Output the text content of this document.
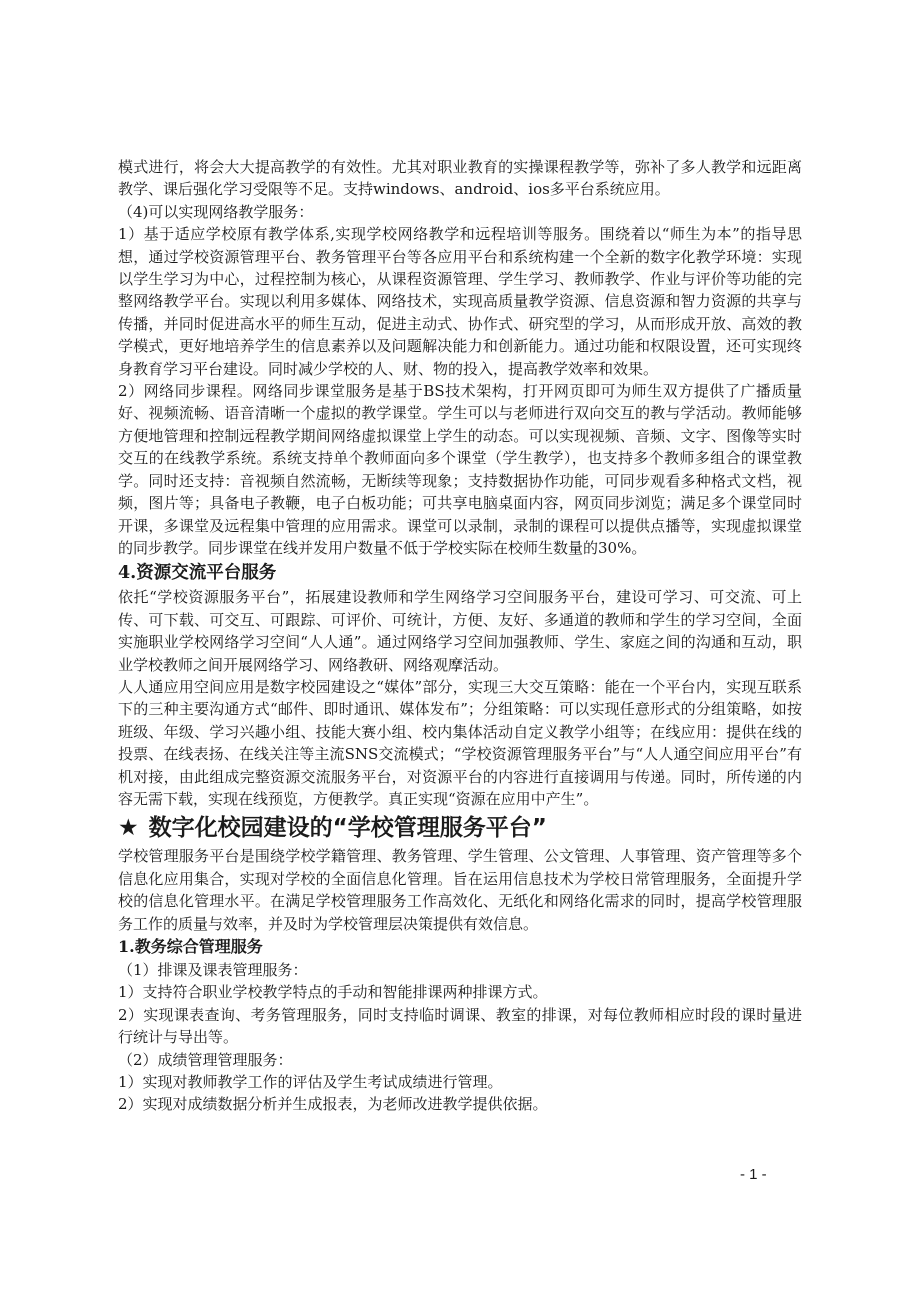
模式进行，将会大大提高教学的有效性。尤其对职业教育的实操课程教学等，弥补了多人教学和远距离教学、课后强化学习受限等不足。支持windows、android、ios多平台系统应用。

（4)可以实现网络教学服务：

1）基于适应学校原有教学体系,实现学校网络教学和远程培训等服务。围绕着以“师生为本”的指导思想，通过学校资源管理平台、教务管理平台等各应用平台和系统构建一个全新的数字化教学环境：实现以学生学习为中心，过程控制为核心，从课程资源管理、学生学习、教师教学、作业与评价等功能的完整网络教学平台。实现以利用多媒体、网络技术，实现高质量教学资源、信息资源和智力资源的共享与传播，并同时促进高水平的师生互动，促进主动式、协作式、研究型的学习，从而形成开放、高效的教学模式，更好地培养学生的信息素养以及问题解决能力和创新能力。通过功能和权限设置，还可实现终身教育学习平台建设。同时减少学校的人、财、物的投入，提高教学效率和效果。

2）网络同步课程。网络同步课堂服务是基于BS技术架构，打开网页即可为师生双方提供了广播质量好、视频流畅、语音清晰一个虚拟的教学课堂。学生可以与老师进行双向交互的教与学活动。教师能够方便地管理和控制远程教学期间网络虚拟课堂上学生的动态。可以实现视频、音频、文字、图像等实时交互的在线教学系统。系统支持单个教师面向多个课堂（学生教学），也支持多个教师多组合的课堂教学。同时还支持：音视频自然流畅，无断续等现象；支持数据协作功能，可同步观看多种格式文档，视频，图片等；具备电子教鞭，电子白板功能；可共享电脑桌面内容，网页同步浏览；满足多个课堂同时开课，多课堂及远程集中管理的应用需求。课堂可以录制，录制的课程可以提供点播等，实现虚拟课堂的同步教学。同步课堂在线并发用户数量不低于学校实际在校师生数量的30%。

4.资源交流平台服务

依托“学校资源服务平台”，拓展建设教师和学生网络学习空间服务平台，建设可学习、可交流、可上传、可下载、可交互、可跟踪、可评价、可统计，方便、友好、多通道的教师和学生的学习空间，全面实施职业学校网络学习空间“人人通”。通过网络学习空间加强教师、学生、家庭之间的沟通和互动，职业学校教师之间开展网络学习、网络教研、网络观摩活动。

人人通应用空间应用是数字校园建设之“媒体”部分，实现三大交互策略：能在一个平台内，实现互联系下的三种主要沟通方式“邮件、即时通讯、媒体发布”；分组策略：可以实现任意形式的分组策略，如按班级、年级、学习兴趣小组、技能大赛小组、校内集体活动自定义教学小组等；在线应用：提供在线的投票、在线表扬、在线关注等主流SNS交流模式；“学校资源管理服务平台”与“人人通空间应用平台”有机对接，由此组成完整资源交流服务平台，对资源平台的内容进行直接调用与传递。同时，所传递的内容无需下载，实现在线预览，方便教学。真正实现“资源在应用中产生”。

★ 数字化校园建设的“学校管理服务平台”

学校管理服务平台是围绕学校学籍管理、教务管理、学生管理、公文管理、人事管理、资产管理等多个信息化应用集合，实现对学校的全面信息化管理。旨在运用信息技术为学校日常管理服务，全面提升学校的信息化管理水平。在满足学校管理服务工作高效化、无纸化和网络化需求的同时，提高学校管理服务工作的质量与效率，并及时为学校管理层决策提供有效信息。

1.教务综合管理服务

（1）排课及课表管理服务：

1）支持符合职业学校教学特点的手动和智能排课两种排课方式。

2）实现课表查询、考务管理服务，同时支持临时调课、教室的排课，对每位教师相应时段的课时量进行统计与导出等。

（2）成绩管理管理服务：

1）实现对教师教学工作的评估及学生考试成绩进行管理。

2）实现对成绩数据分析并生成报表，为老师改进教学提供依据。

- 1 -
